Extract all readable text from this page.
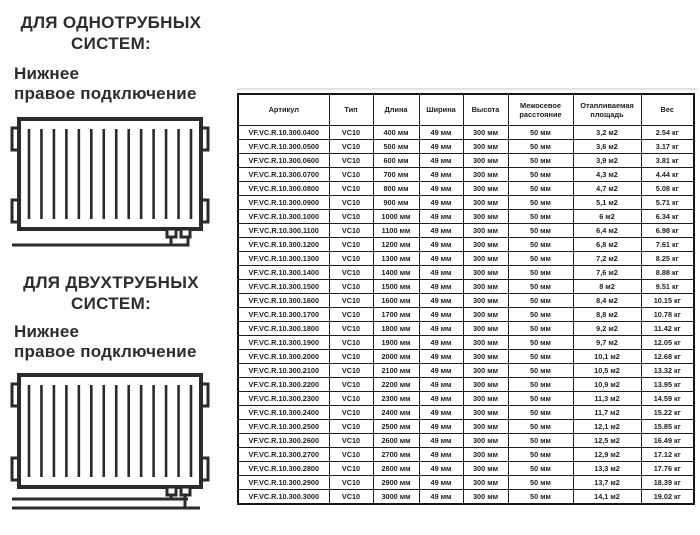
ДЛЯ ОДНОТРУБНЫХ
СИСТЕМ:
Нижнее
правое подключение
ДЛЯ ДВУХТРУБНЫХ
СИСТЕМ:
Нижнее
правое подключение
Артикул	Тип	Длина	Ширина	Высота	Межосевое расстояние	Отапливаемая площадь	Вес
VF.VC.R.10.300.0400	VC10	400 мм	49 мм	300 мм	50 мм	3,2 м2	2.54 кг
VF.VC.R.10.300.0500	VC10	500 мм	49 мм	300 мм	50 мм	3,6 м2	3.17 кг
VF.VC.R.10.300.0600	VC10	600 мм	49 мм	300 мм	50 мм	3,9 м2	3.81 кг
VF.VC.R.10.300.0700	VC10	700 мм	49 мм	300 мм	50 мм	4,3 м2	4.44 кг
VF.VC.R.10.300.0800	VC10	800 мм	49 мм	300 мм	50 мм	4,7 м2	5.08 кг
VF.VC.R.10.300.0900	VC10	900 мм	49 мм	300 мм	50 мм	5,1 м2	5.71 кг
VF.VC.R.10.300.1000	VC10	1000 мм	49 мм	300 мм	50 мм	6 м2	6.34 кг
VF.VC.R.10.300.1100	VC10	1100 мм	49 мм	300 мм	50 мм	6,4 м2	6.98 кг
VF.VC.R.10.300.1200	VC10	1200 мм	49 мм	300 мм	50 мм	6,8 м2	7.61 кг
VF.VC.R.10.300.1300	VC10	1300 мм	49 мм	300 мм	50 мм	7,2 м2	8.25 кг
VF.VC.R.10.300.1400	VC10	1400 мм	49 мм	300 мм	50 мм	7,6 м2	8.88 кг
VF.VC.R.10.300.1500	VC10	1500 мм	49 мм	300 мм	50 мм	8 м2	9.51 кг
VF.VC.R.10.300.1600	VC10	1600 мм	49 мм	300 мм	50 мм	8,4 м2	10.15 кг
VF.VC.R.10.300.1700	VC10	1700 мм	49 мм	300 мм	50 мм	8,8 м2	10.78 кг
VF.VC.R.10.300.1800	VC10	1800 мм	49 мм	300 мм	50 мм	9,2 м2	11.42 кг
VF.VC.R.10.300.1900	VC10	1900 мм	49 мм	300 мм	50 мм	9,7 м2	12.05 кг
VF.VC.R.10.300.2000	VC10	2000 мм	49 мм	300 мм	50 мм	10,1 м2	12.68 кг
VF.VC.R.10.300.2100	VC10	2100 мм	49 мм	300 мм	50 мм	10,5 м2	13.32 кг
VF.VC.R.10.300.2200	VC10	2200 мм	49 мм	300 мм	50 мм	10,9 м2	13.95 кг
VF.VC.R.10.300.2300	VC10	2300 мм	49 мм	300 мм	50 мм	11,3 м2	14.59 кг
VF.VC.R.10.300.2400	VC10	2400 мм	49 мм	300 мм	50 мм	11,7 м2	15.22 кг
VF.VC.R.10.300.2500	VC10	2500 мм	49 мм	300 мм	50 мм	12,1 м2	15.85 кг
VF.VC.R.10.300.2600	VC10	2600 мм	49 мм	300 мм	50 мм	12,5 м2	16.49 кг
VF.VC.R.10.300.2700	VC10	2700 мм	49 мм	300 мм	50 мм	12,9 м2	17.12 кг
VF.VC.R.10.300.2800	VC10	2800 мм	49 мм	300 мм	50 мм	13,3 м2	17.76 кг
VF.VC.R.10.300.2900	VC10	2900 мм	49 мм	300 мм	50 мм	13,7 м2	18.39 кг
VF.VC.R.10.300.3000	VC10	3000 мм	49 мм	300 мм	50 мм	14,1 м2	19.02 кг
